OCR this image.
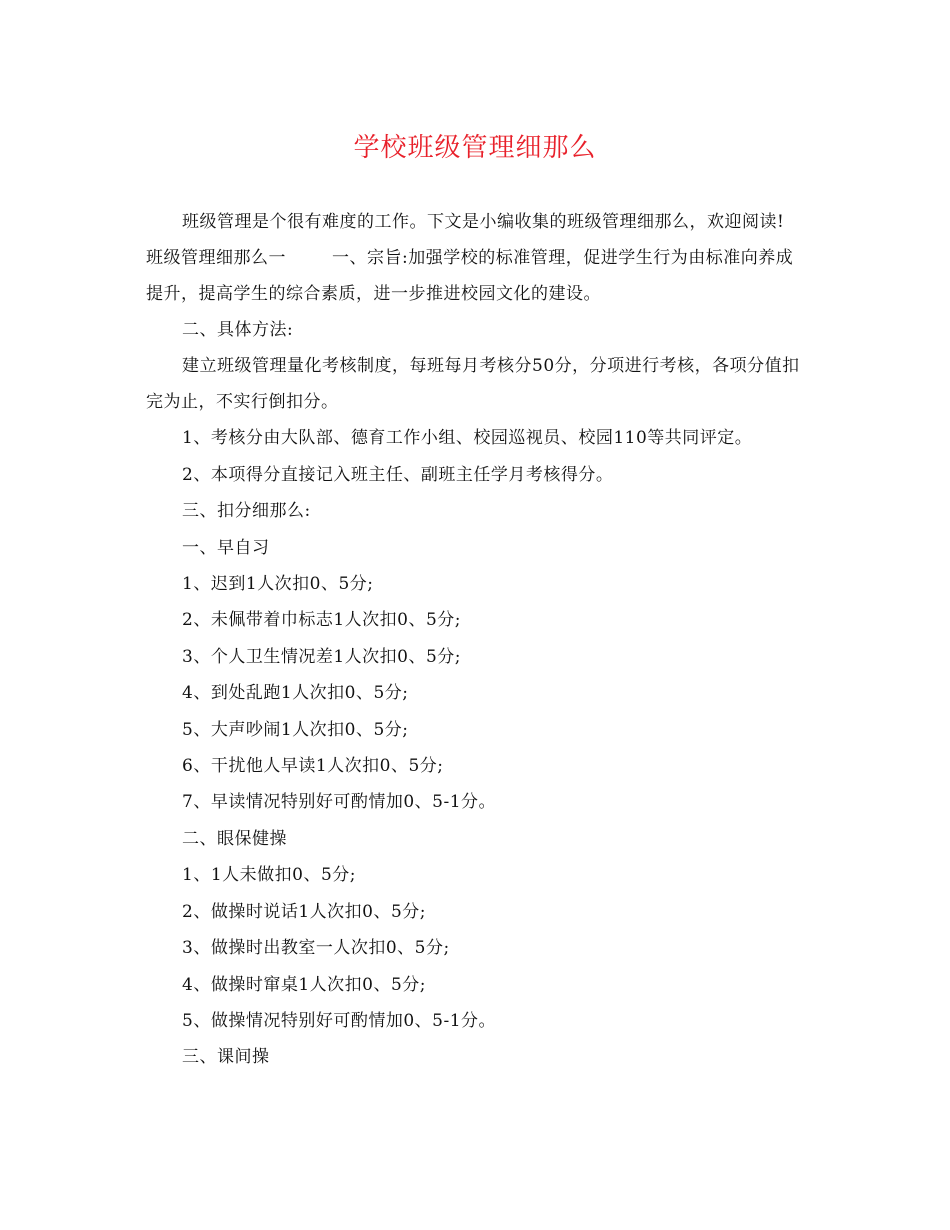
学校班级管理细那么

班级管理是个很有难度的工作。下文是小编收集的班级管理细那么，欢迎阅读!

班级管理细那么一	一、宗旨:加强学校的标准管理，促进学生行为由标准向养成提升，提高学生的综合素质，进一步推进校园文化的建设。

二、具体方法:

建立班级管理量化考核制度，每班每月考核分50分，分项进行考核，各项分值扣完为止，不实行倒扣分。

1、考核分由大队部、德育工作小组、校园巡视员、校园110等共同评定。

2、本项得分直接记入班主任、副班主任学月考核得分。

三、扣分细那么:

一、早自习

1、迟到1人次扣0、5分;

2、未佩带着巾标志1人次扣0、5分;

3、个人卫生情况差1人次扣0、5分;

4、到处乱跑1人次扣0、5分;

5、大声吵闹1人次扣0、5分;

6、干扰他人早读1人次扣0、5分;

7、早读情况特别好可酌情加0、5-1分。

二、眼保健操

1、1人未做扣0、5分;

2、做操时说话1人次扣0、5分;

3、做操时出教室一人次扣0、5分;

4、做操时窜桌1人次扣0、5分;

5、做操情况特别好可酌情加0、5-1分。

三、课间操
